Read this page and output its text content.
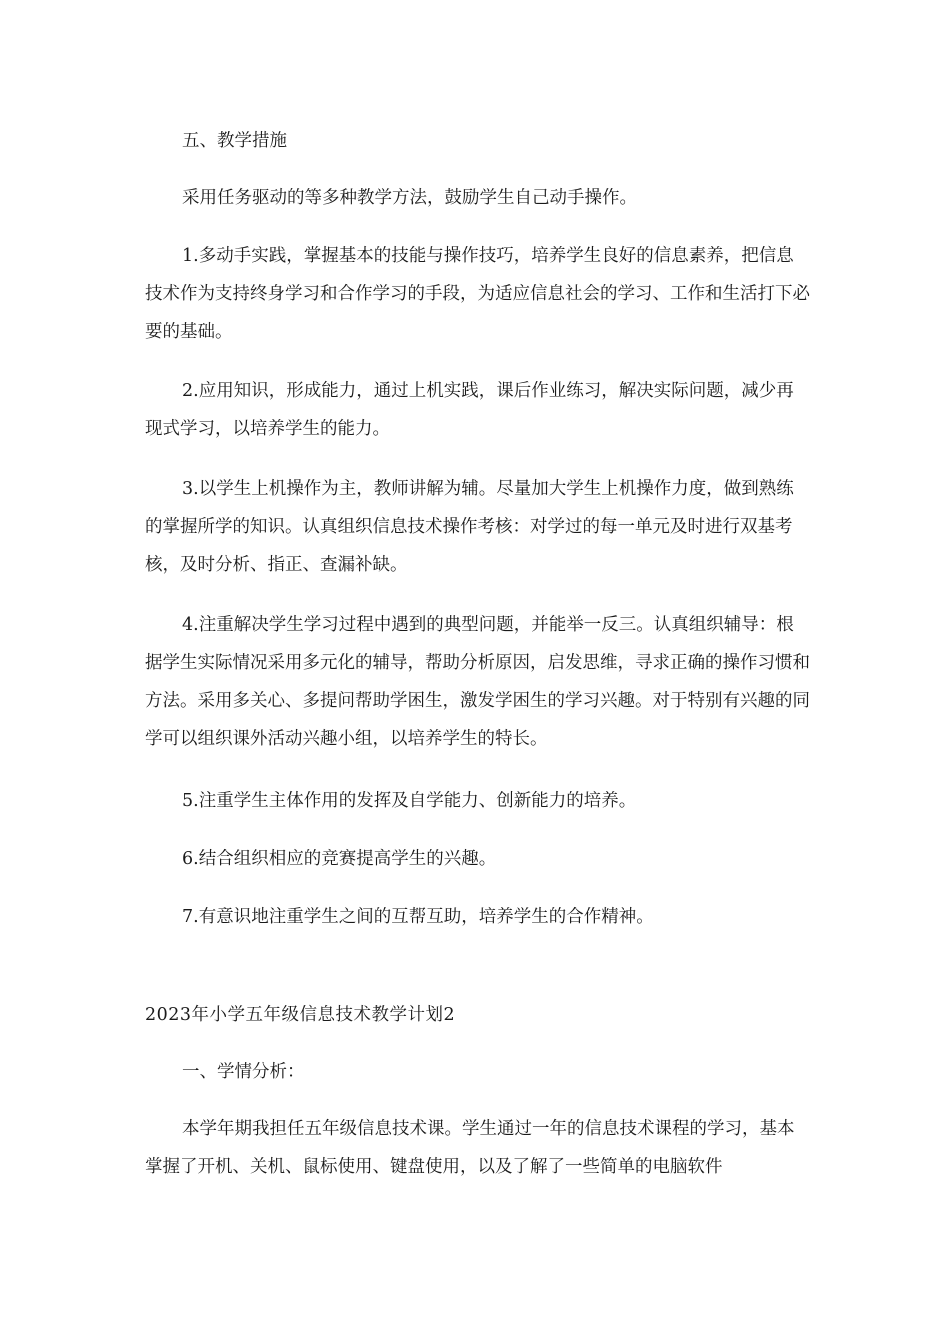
五、教学措施

采用任务驱动的等多种教学方法，鼓励学生自己动手操作。

1.多动手实践，掌握基本的技能与操作技巧，培养学生良好的信息素养，把信息技术作为支持终身学习和合作学习的手段，为适应信息社会的学习、工作和生活打下必要的基础。

2.应用知识，形成能力，通过上机实践，课后作业练习，解决实际问题，减少再现式学习，以培养学生的能力。

3.以学生上机操作为主，教师讲解为辅。尽量加大学生上机操作力度，做到熟练的掌握所学的知识。认真组织信息技术操作考核：对学过的每一单元及时进行双基考核，及时分析、指正、查漏补缺。

4.注重解决学生学习过程中遇到的典型问题，并能举一反三。认真组织辅导：根据学生实际情况采用多元化的辅导，帮助分析原因，启发思维，寻求正确的操作习惯和方法。采用多关心、多提问帮助学困生，激发学困生的学习兴趣。对于特别有兴趣的同学可以组织课外活动兴趣小组，以培养学生的特长。

5.注重学生主体作用的发挥及自学能力、创新能力的培养。

6.结合组织相应的竞赛提高学生的兴趣。

7.有意识地注重学生之间的互帮互助，培养学生的合作精神。

2023年小学五年级信息技术教学计划2

一、学情分析：

本学年期我担任五年级信息技术课。学生通过一年的信息技术课程的学习，基本掌握了开机、关机、鼠标使用、键盘使用，以及了解了一些简单的电脑软件
